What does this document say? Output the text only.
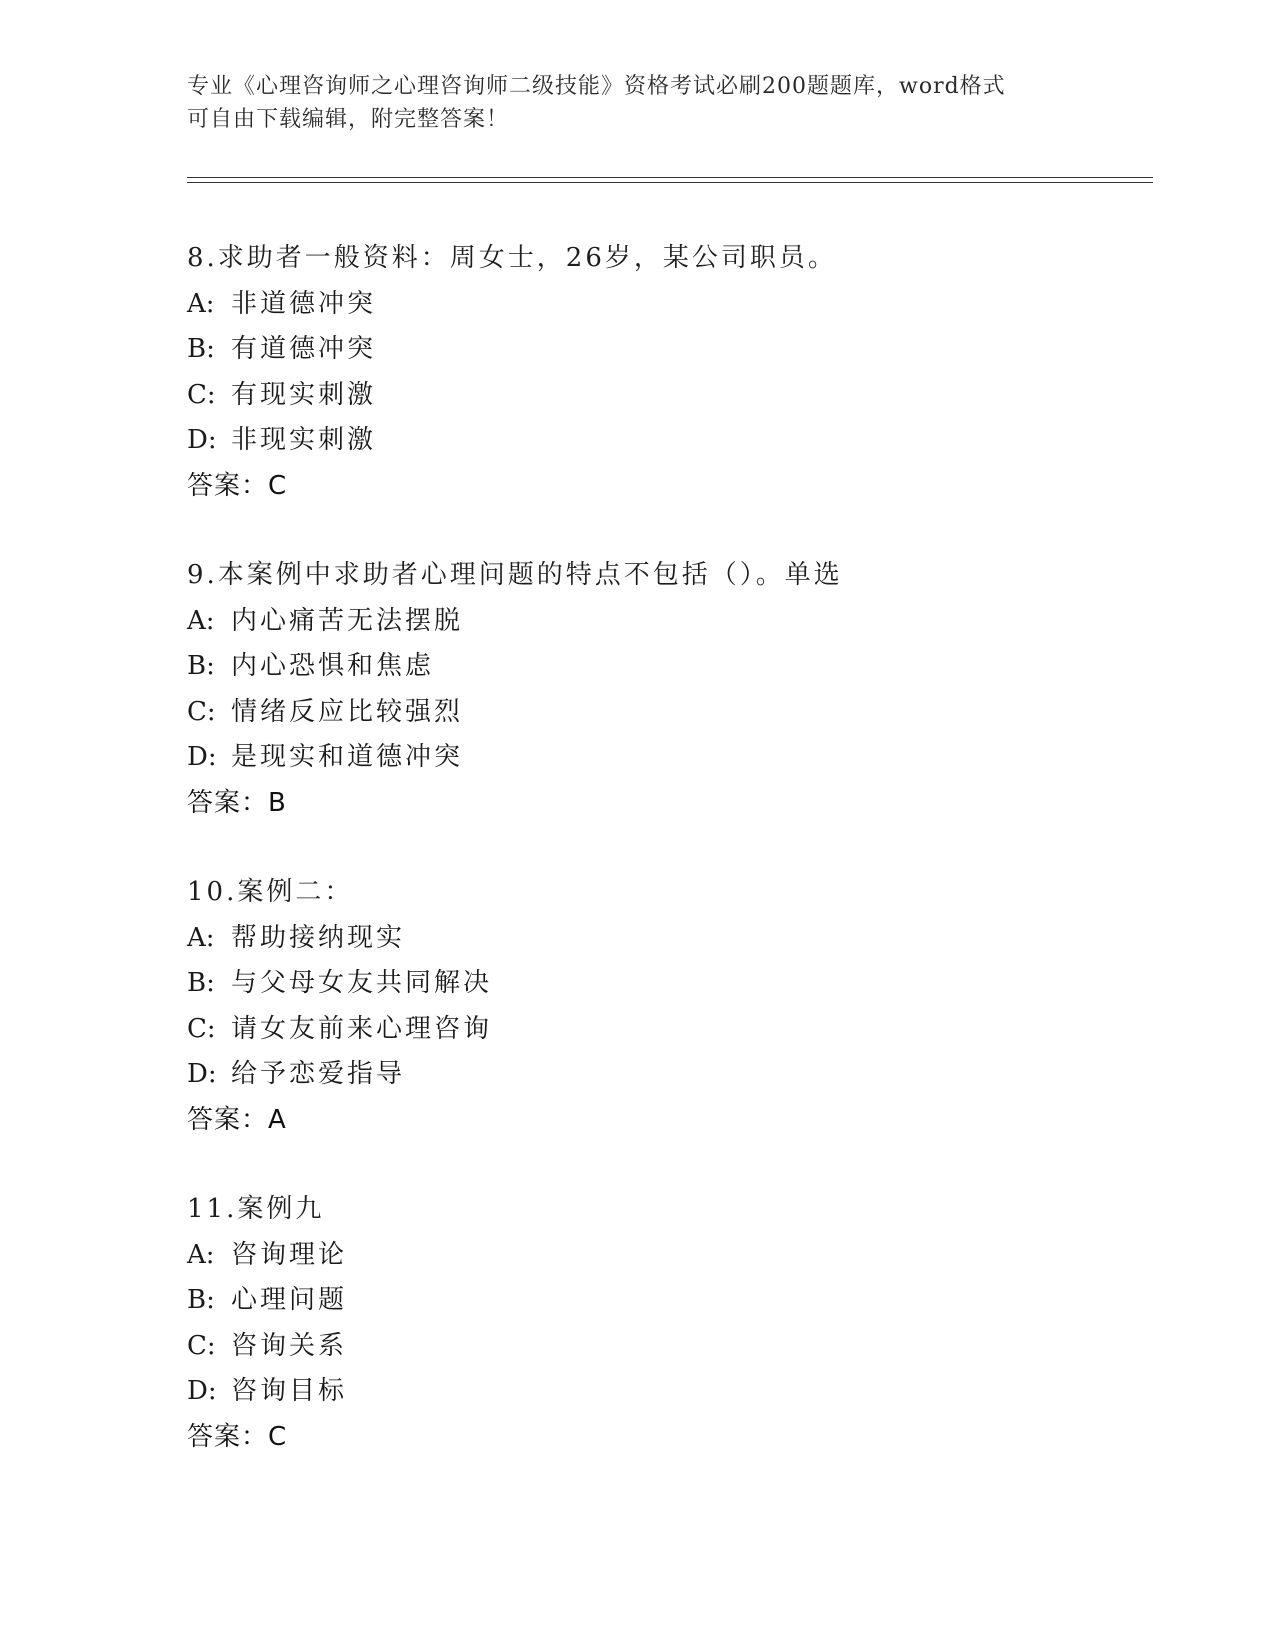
专业《心理咨询师之心理咨询师二级技能》资格考试必刷200题题库，word格式
可自由下载编辑，附完整答案！
8.求助者一般资料：周女士，26岁，某公司职员。
A: 非道德冲突
B: 有道德冲突
C: 有现实刺激
D: 非现实刺激
答案：C
9.本案例中求助者心理问题的特点不包括（）。单选
A: 内心痛苦无法摆脱
B: 内心恐惧和焦虑
C: 情绪反应比较强烈
D: 是现实和道德冲突
答案：B
10.案例二：
A: 帮助接纳现实
B: 与父母女友共同解决
C: 请女友前来心理咨询
D: 给予恋爱指导
答案：A
11.案例九
A: 咨询理论
B: 心理问题
C: 咨询关系
D: 咨询目标
答案：C
